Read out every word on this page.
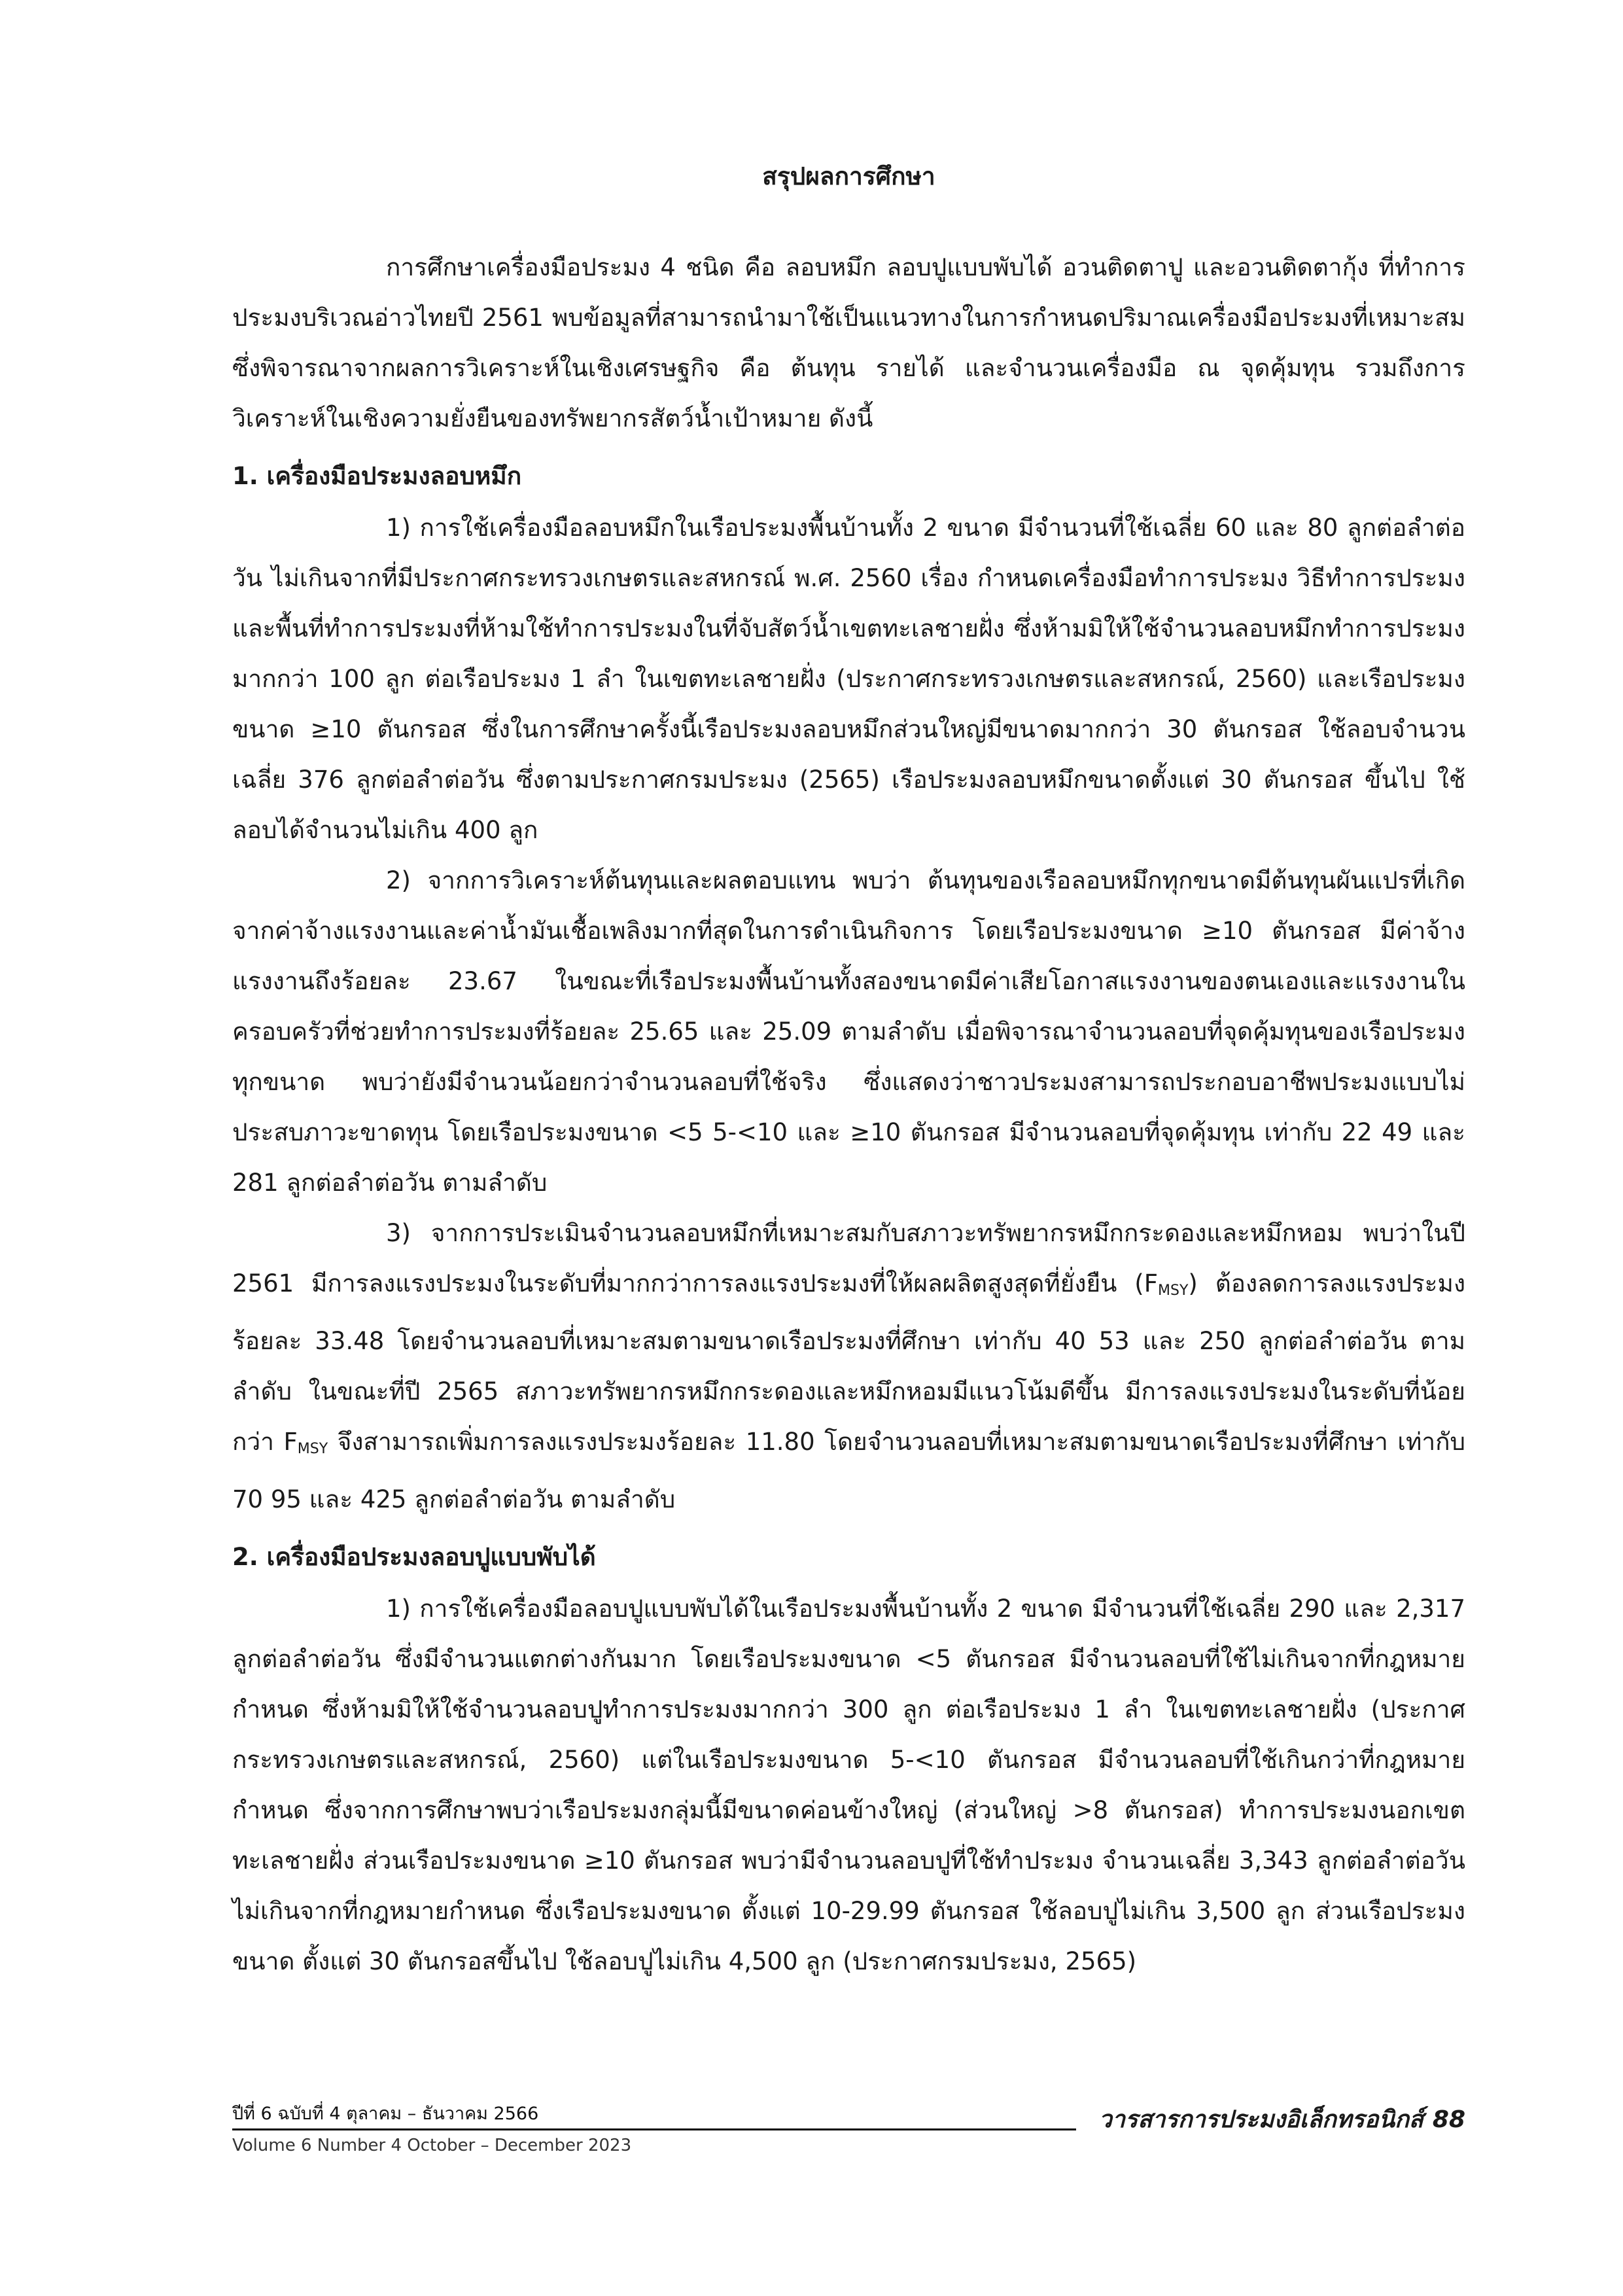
สรุปผลการศึกษา

การศึกษาเครื่องมือประมง 4 ชนิด คือ ลอบหมึก ลอบปูแบบพับได้ อวนติดตาปู และอวนติดตากุ้ง ที่ทำการประมงบริเวณอ่าวไทยปี 2561 พบข้อมูลที่สามารถนำมาใช้เป็นแนวทางในการกำหนดปริมาณเครื่องมือประมงที่เหมาะสม ซึ่งพิจารณาจากผลการวิเคราะห์ในเชิงเศรษฐกิจ คือ ต้นทุน รายได้ และจำนวนเครื่องมือ ณ จุดคุ้มทุน รวมถึงการวิเคราะห์ในเชิงความยั่งยืนของทรัพยากรสัตว์น้ำเป้าหมาย ดังนี้

1. เครื่องมือประมงลอบหมึก

1) การใช้เครื่องมือลอบหมึกในเรือประมงพื้นบ้านทั้ง 2 ขนาด มีจำนวนที่ใช้เฉลี่ย 60 และ 80 ลูกต่อลำต่อวัน ไม่เกินจากที่มีประกาศกระทรวงเกษตรและสหกรณ์ พ.ศ. 2560 เรื่อง กำหนดเครื่องมือทำการประมง วิธีทำการประมง และพื้นที่ทำการประมงที่ห้ามใช้ทำการประมงในที่จับสัตว์น้ำเขตทะเลชายฝั่ง ซึ่งห้ามมิให้ใช้จำนวนลอบหมึกทำการประมงมากกว่า 100 ลูก ต่อเรือประมง 1 ลำ ในเขตทะเลชายฝั่ง (ประกาศกระทรวงเกษตรและสหกรณ์, 2560) และเรือประมงขนาด ≥10 ตันกรอส ซึ่งในการศึกษาครั้งนี้เรือประมงลอบหมึกส่วนใหญ่มีขนาดมากกว่า 30 ตันกรอส ใช้ลอบจำนวนเฉลี่ย 376 ลูกต่อลำต่อวัน ซึ่งตามประกาศกรมประมง (2565) เรือประมงลอบหมึกขนาดตั้งแต่ 30 ตันกรอส ขึ้นไป ใช้ลอบได้จำนวนไม่เกิน 400 ลูก

2) จากการวิเคราะห์ต้นทุนและผลตอบแทน พบว่า ต้นทุนของเรือลอบหมึกทุกขนาดมีต้นทุนผันแปรที่เกิดจากค่าจ้างแรงงานและค่าน้ำมันเชื้อเพลิงมากที่สุดในการดำเนินกิจการ โดยเรือประมงขนาด ≥10 ตันกรอส มีค่าจ้างแรงงานถึงร้อยละ 23.67 ในขณะที่เรือประมงพื้นบ้านทั้งสองขนาดมีค่าเสียโอกาสแรงงานของตนเองและแรงงานในครอบครัวที่ช่วยทำการประมงที่ร้อยละ 25.65 และ 25.09 ตามลำดับ เมื่อพิจารณาจำนวนลอบที่จุดคุ้มทุนของเรือประมงทุกขนาด พบว่ายังมีจำนวนน้อยกว่าจำนวนลอบที่ใช้จริง ซึ่งแสดงว่าชาวประมงสามารถประกอบอาชีพประมงแบบไม่ประสบภาวะขาดทุน โดยเรือประมงขนาด <5 5-<10 และ ≥10 ตันกรอส มีจำนวนลอบที่จุดคุ้มทุน เท่ากับ 22 49 และ 281 ลูกต่อลำต่อวัน ตามลำดับ

3) จากการประเมินจำนวนลอบหมึกที่เหมาะสมกับสภาวะทรัพยากรหมึกกระดองและหมึกหอม พบว่าในปี 2561 มีการลงแรงประมงในระดับที่มากกว่าการลงแรงประมงที่ให้ผลผลิตสูงสุดที่ยั่งยืน $(F_{MSY})$ ต้องลดการลงแรงประมงร้อยละ 33.48 โดยจำนวนลอบที่เหมาะสมตามขนาดเรือประมงที่ศึกษา เท่ากับ 40 53 และ 250 ลูกต่อลำต่อวัน ตามลำดับ ในขณะที่ปี 2565 สภาวะทรัพยากรหมึกกระดองและหมึกหอมมีแนวโน้มดีขึ้น มีการลงแรงประมงในระดับที่น้อยกว่า $F_{MSY}$ จึงสามารถเพิ่มการลงแรงประมงร้อยละ 11.80 โดยจำนวนลอบที่เหมาะสมตามขนาดเรือประมงที่ศึกษา เท่ากับ 70 95 และ 425 ลูกต่อลำต่อวัน ตามลำดับ

2. เครื่องมือประมงลอบปูแบบพับได้

1) การใช้เครื่องมือลอบปูแบบพับได้ในเรือประมงพื้นบ้านทั้ง 2 ขนาด มีจำนวนที่ใช้เฉลี่ย 290 และ 2,317 ลูกต่อลำต่อวัน ซึ่งมีจำนวนแตกต่างกันมาก โดยเรือประมงขนาด <5 ตันกรอส มีจำนวนลอบที่ใช้ไม่เกินจากที่กฎหมายกำหนด ซึ่งห้ามมิให้ใช้จำนวนลอบปูทำการประมงมากกว่า 300 ลูก ต่อเรือประมง 1 ลำ ในเขตทะเลชายฝั่ง (ประกาศกระทรวงเกษตรและสหกรณ์, 2560) แต่ในเรือประมงขนาด 5-<10 ตันกรอส มีจำนวนลอบที่ใช้เกินกว่าที่กฎหมายกำหนด ซึ่งจากการศึกษาพบว่าเรือประมงกลุ่มนี้มีขนาดค่อนข้างใหญ่ (ส่วนใหญ่ >8 ตันกรอส) ทำการประมงนอกเขตทะเลชายฝั่ง ส่วนเรือประมงขนาด ≥10 ตันกรอส พบว่ามีจำนวนลอบปูที่ใช้ทำประมง จำนวนเฉลี่ย 3,343 ลูกต่อลำต่อวัน ไม่เกินจากที่กฎหมายกำหนด ซึ่งเรือประมงขนาด ตั้งแต่ 10-29.99 ตันกรอส ใช้ลอบปูไม่เกิน 3,500 ลูก ส่วนเรือประมงขนาด ตั้งแต่ 30 ตันกรอสขึ้นไป ใช้ลอบปูไม่เกิน 4,500 ลูก (ประกาศกรมประมง, 2565)

ปีที่ 6 ฉบับที่ 4 ตุลาคม – ธันวาคม 2566
Volume 6 Number 4 October – December 2023
วารสารการประมงอิเล็กทรอนิกส์ 88
